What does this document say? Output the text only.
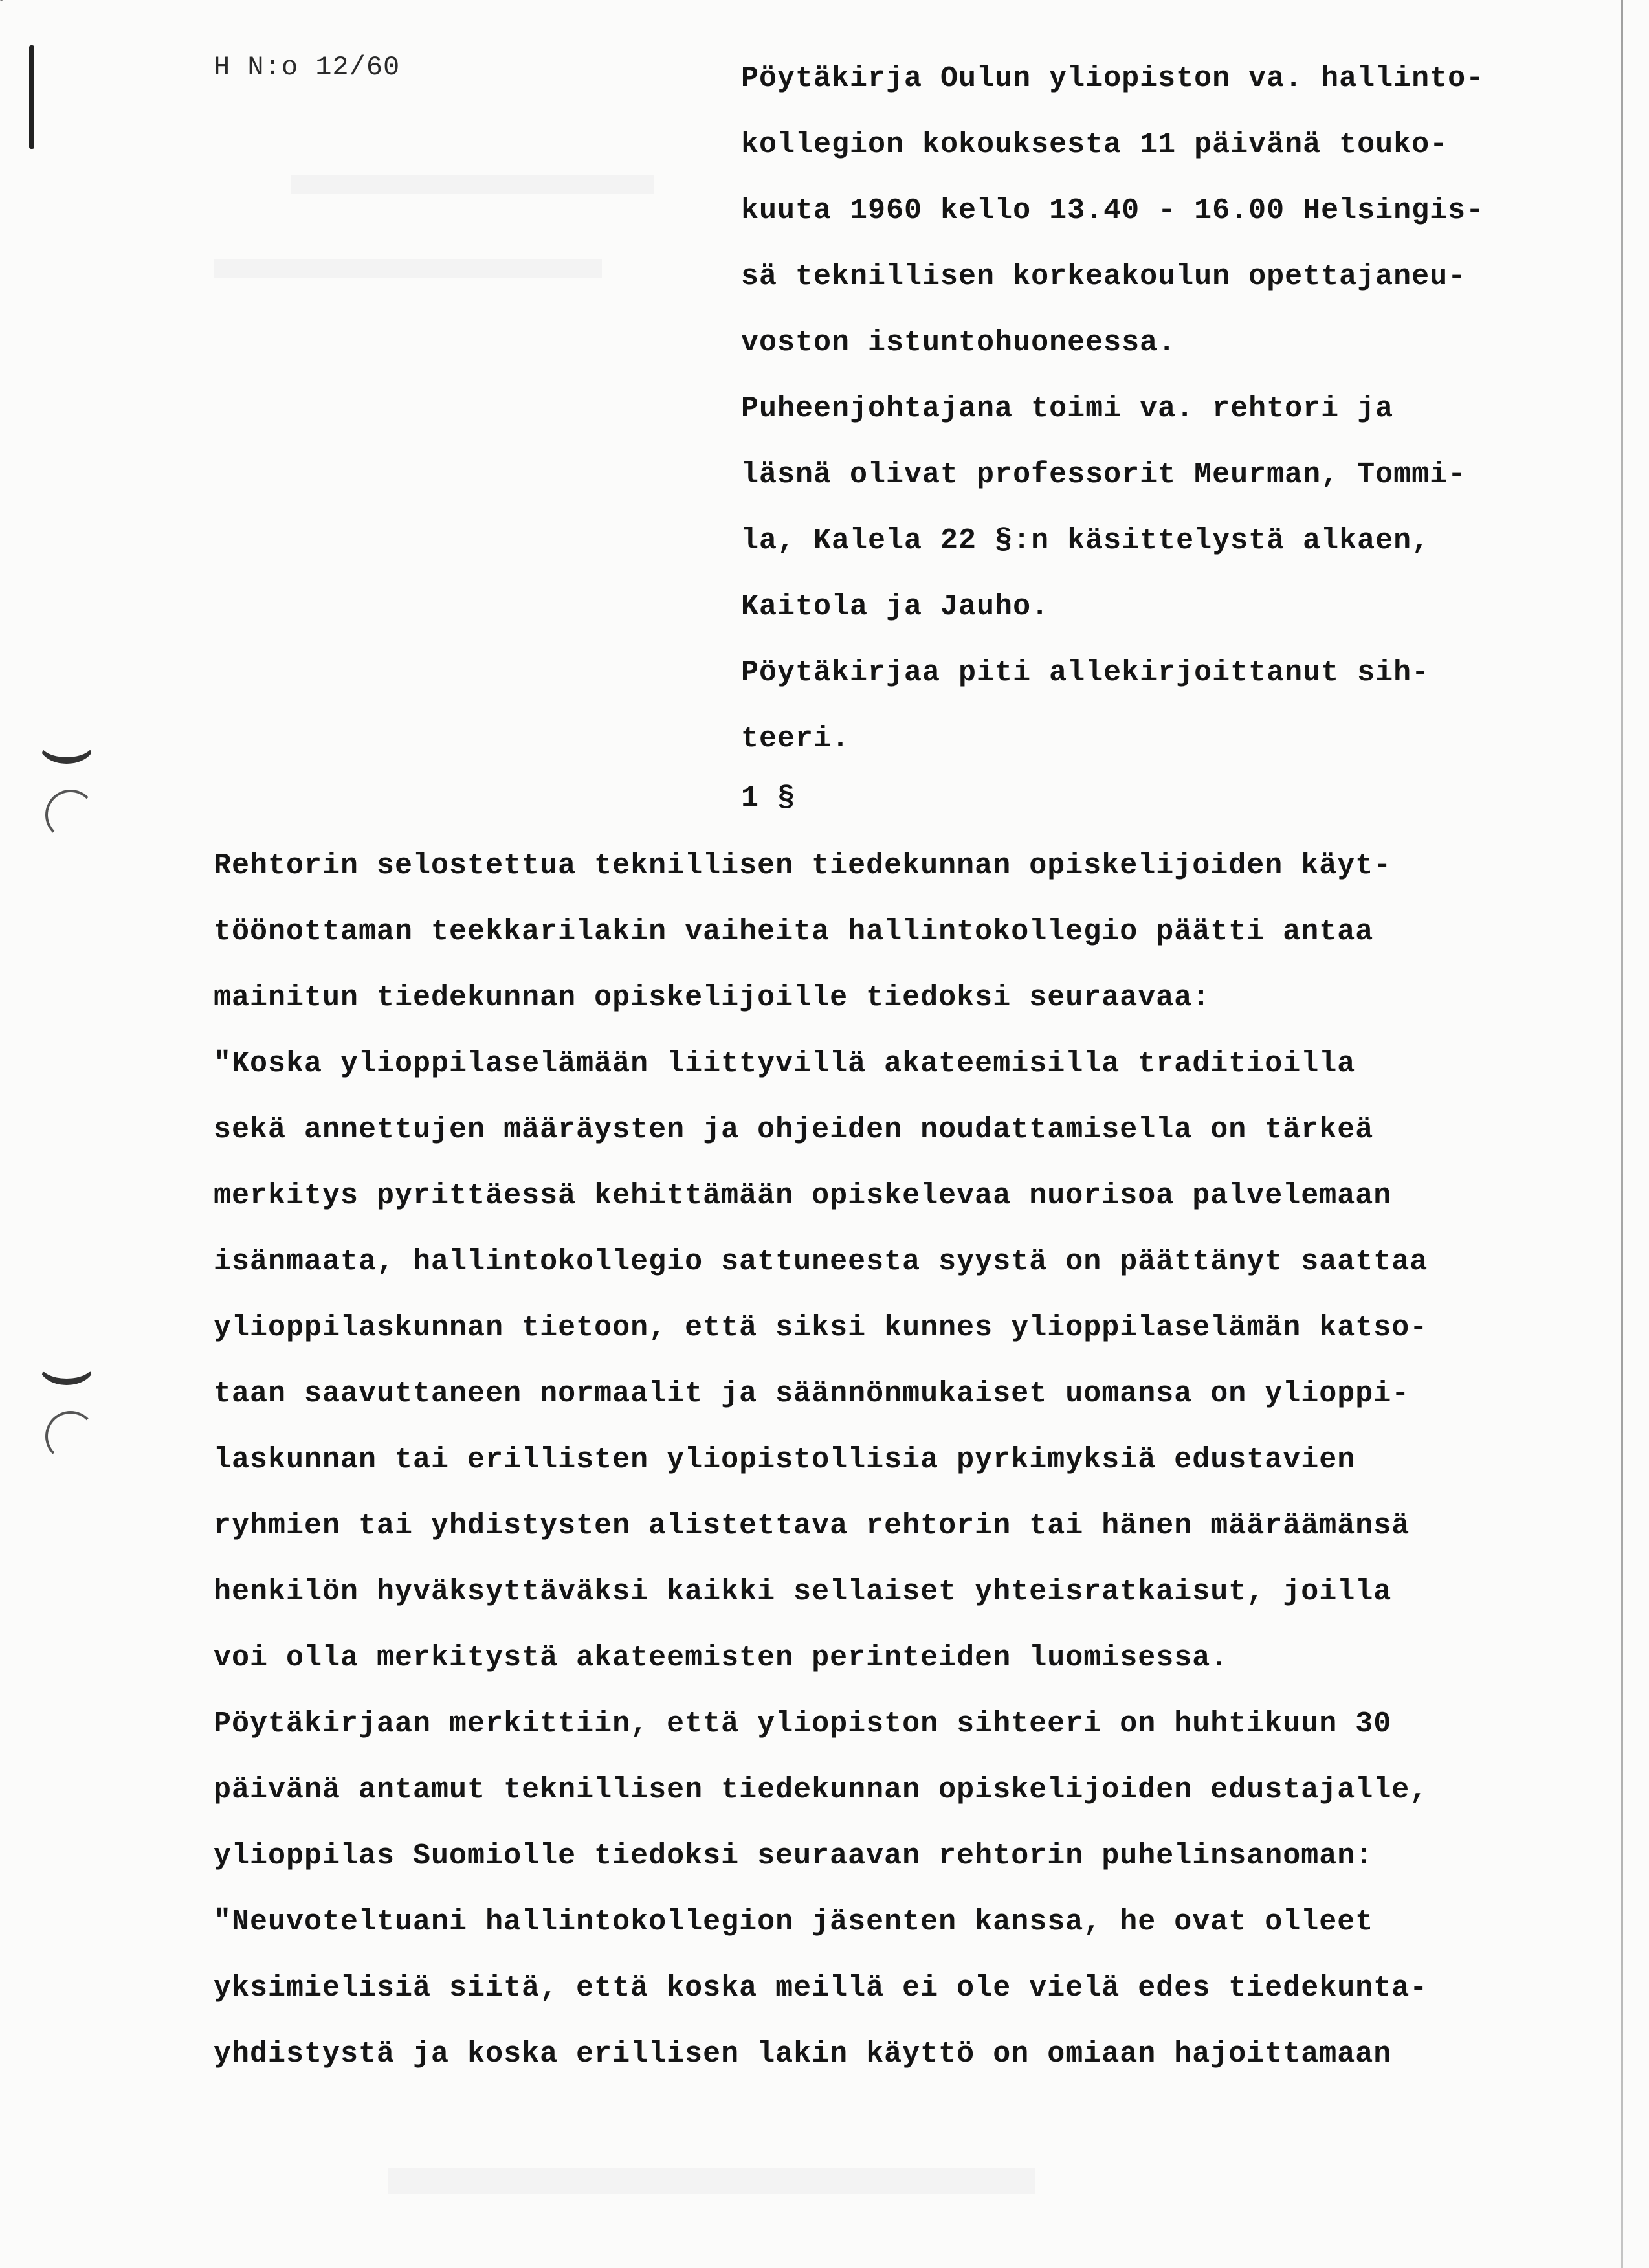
H N:o 12/60	Pöytäkirja Oulun yliopiston va. hallinto-
kollegion kokouksesta 11 päivänä touko-
kuuta 1960 kello 13.40 - 16.00 Helsingis-
sä teknillisen korkeakoulun opettajaneu-
voston istuntohuoneessa.
Puheenjohtajana toimi va. rehtori ja
läsnä olivat professorit Meurman, Tommi-
la, Kalela 22 §:n käsittelystä alkaen,
Kaitola ja Jauho.
Pöytäkirjaa piti allekirjoittanut sih-
teeri.
1 §
Rehtorin selostettua teknillisen tiedekunnan opiskelijoiden käyt-
töönottaman teekkarilakin vaiheita hallintokollegio päätti antaa
mainitun tiedekunnan opiskelijoille tiedoksi seuraavaa:
"Koska ylioppilaselämään liittyvillä akateemisilla traditioilla
sekä annettujen määräysten ja ohjeiden noudattamisella on tärkeä
merkitys pyrittäessä kehittämään opiskelevaa nuorisoa palvelemaan
isänmaata, hallintokollegio sattuneesta syystä on päättänyt saattaa
ylioppilaskunnan tietoon, että siksi kunnes ylioppilaselämän katso-
taan saavuttaneen normaalit ja säännönmukaiset uomansa on ylioppi-
laskunnan tai erillisten yliopistollisia pyrkimyksiä edustavien
ryhmien tai yhdistysten alistettava rehtorin tai hänen määräämänsä
henkilön hyväksyttäväksi kaikki sellaiset yhteisratkaisut, joilla
voi olla merkitystä akateemisten perinteiden luomisessa.
Pöytäkirjaan merkittiin, että yliopiston sihteeri on huhtikuun 30
päivänä antamut teknillisen tiedekunnan opiskelijoiden edustajalle,
ylioppilas Suomiolle tiedoksi seuraavan rehtorin puhelinsanoman:
"Neuvoteltuani hallintokollegion jäsenten kanssa, he ovat olleet
yksimielisiä siitä, että koska meillä ei ole vielä edes tiedekunta-
yhdistystä ja koska erillisen lakin käyttö on omiaan hajoittamaan
